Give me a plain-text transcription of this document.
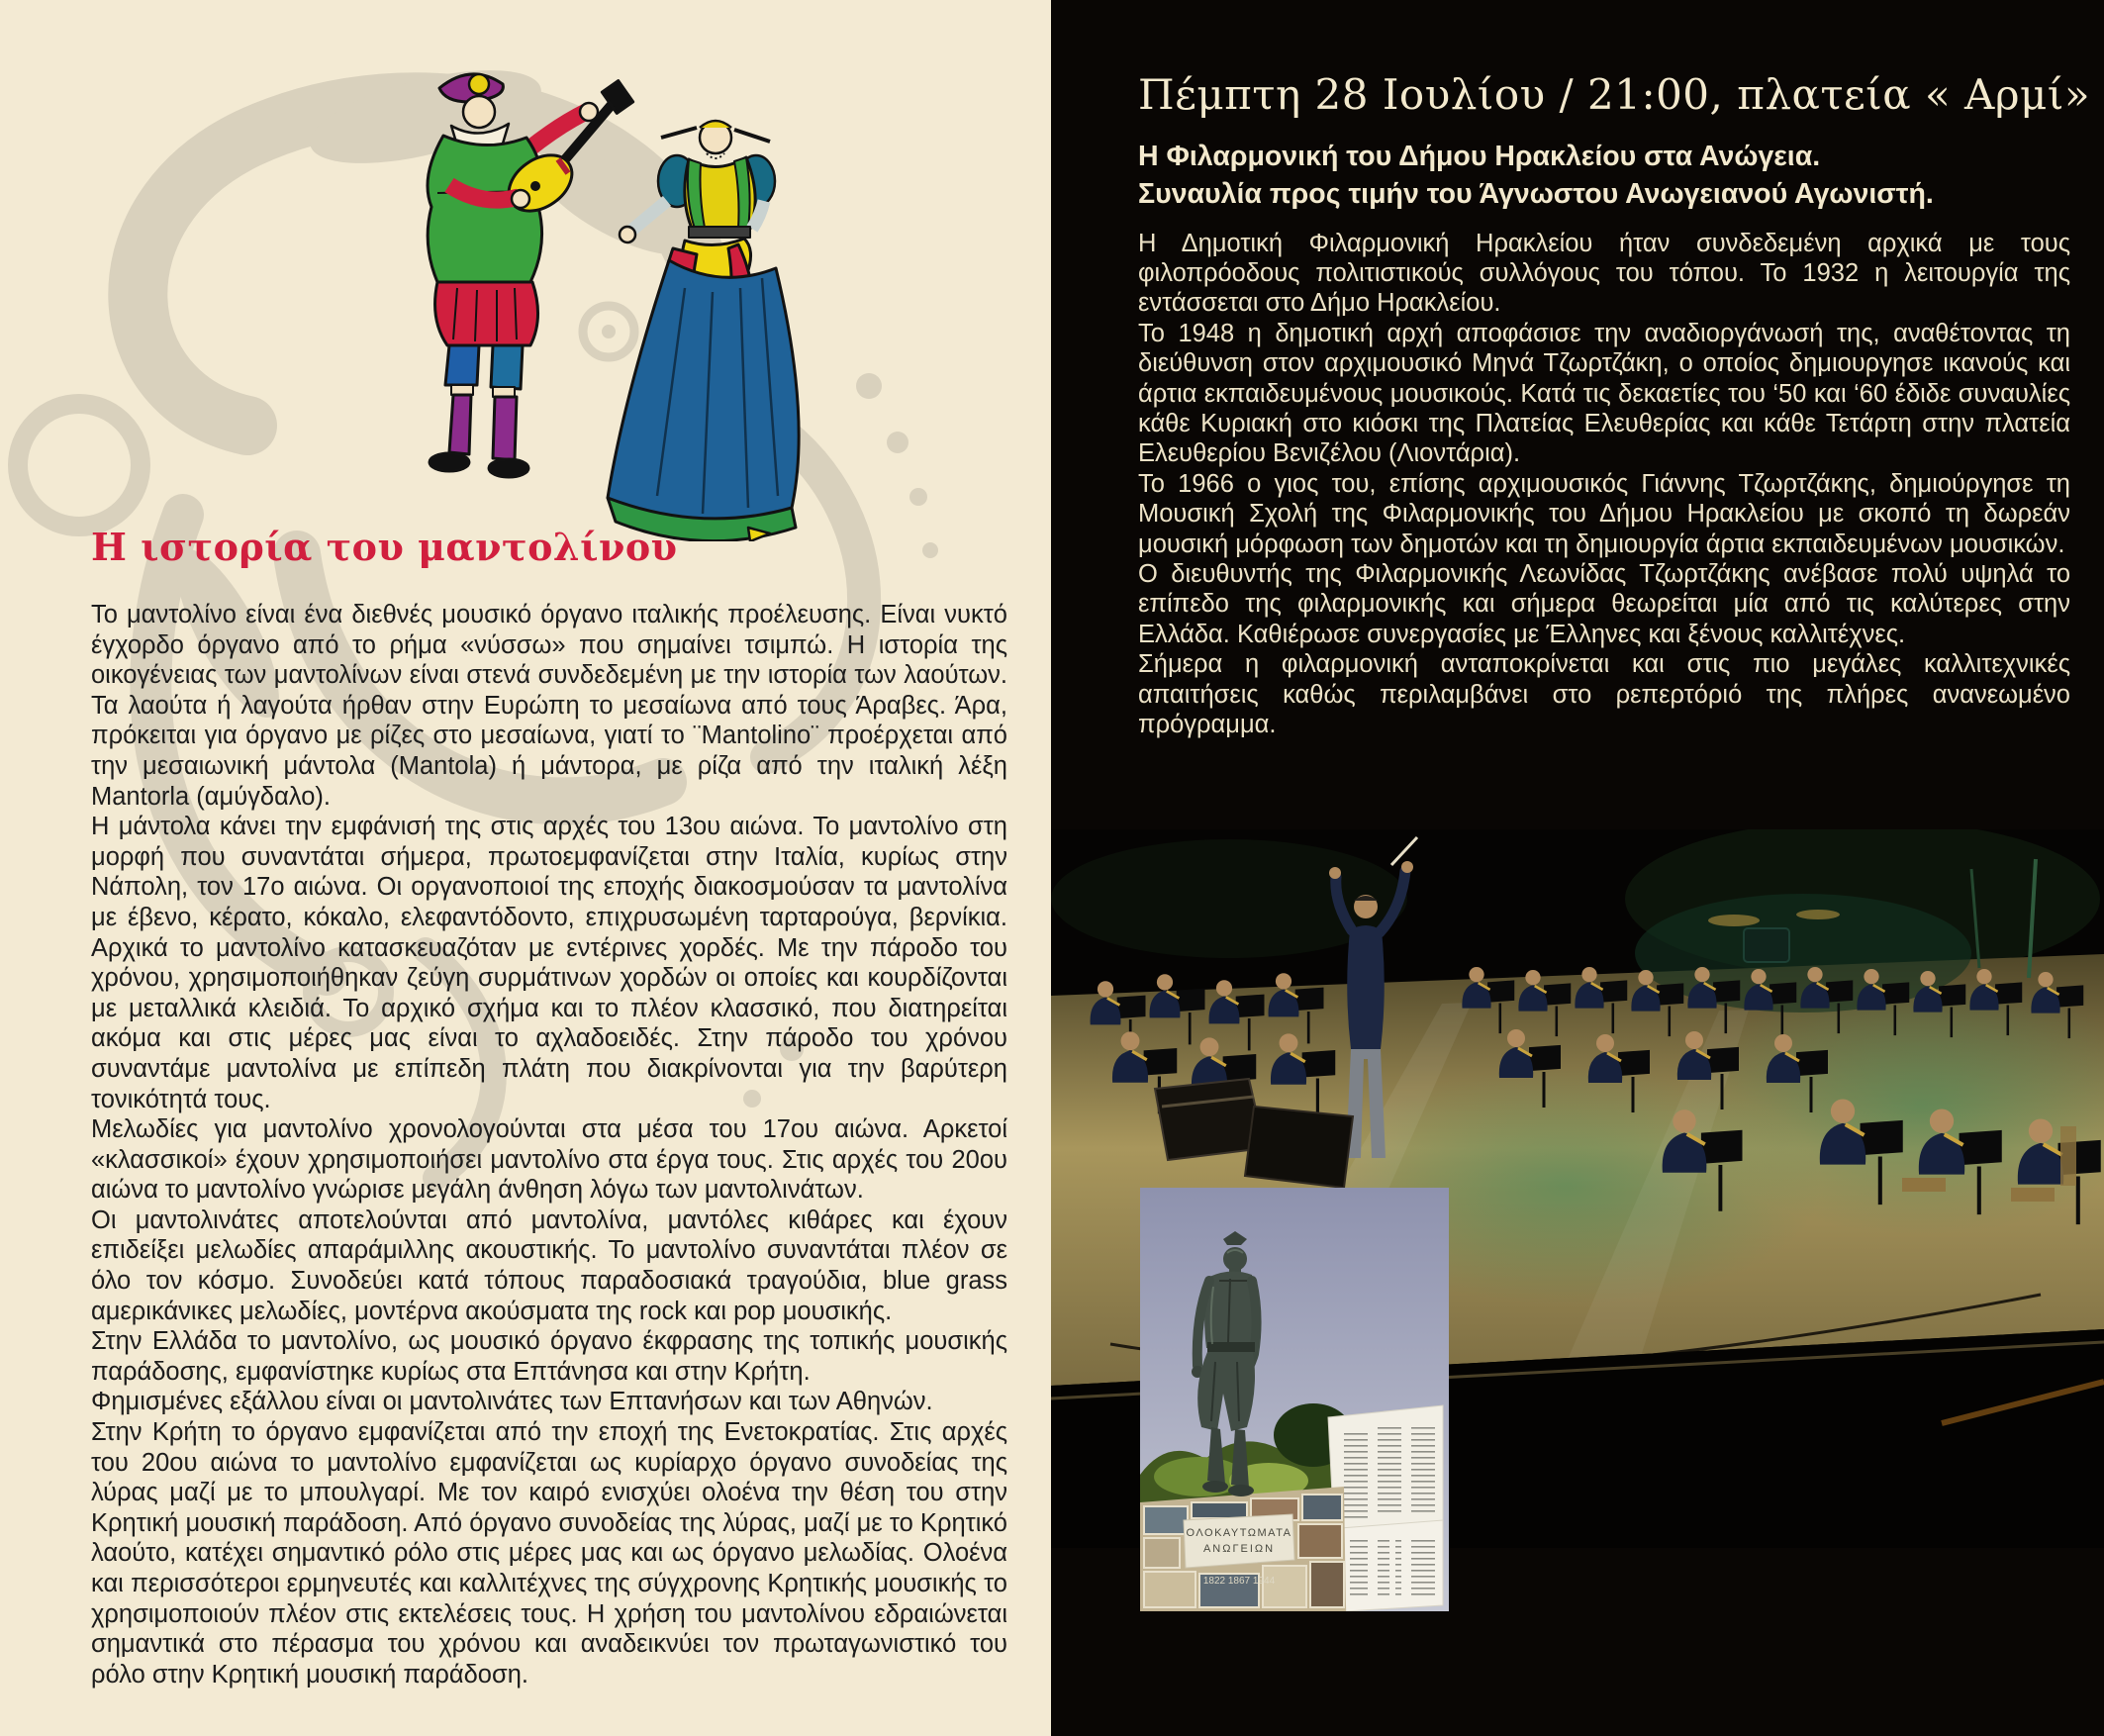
Η ιστορία του μαντολίνου

Το μαντολίνο είναι ένα διεθνές μουσικό όργανο ιταλικής προέλευσης. Είναι νυκτό έγχορδο όργανο από το ρήμα «νύσσω» που σημαίνει τσιμπώ. Η ιστορία της οικογένειας των μαντολίνων είναι στενά συνδεδεμένη με την ιστορία των λαούτων. Τα λαούτα ή λαγούτα ήρθαν στην Ευρώπη το μεσαίωνα από τους Άραβες. Άρα, πρόκειται για όργανο με ρίζες στο μεσαίωνα, γιατί το ¨Mantolino¨ προέρχεται από την μεσαιωνική μάντολα (Mantola) ή μάντορα, με ρίζα από την ιταλική λέξη Mantorla (αμύγδαλο).

Η μάντολα κάνει την εμφάνισή της στις αρχές του 13ου αιώνα. Το μαντολίνο στη μορφή που συναντάται σήμερα, πρωτοεμφανίζεται στην Ιταλία, κυρίως στην Νάπολη, τον 17ο αιώνα. Οι οργανοποιοί της εποχής διακοσμούσαν τα μαντολίνα με έβενο, κέρατο, κόκαλο, ελεφαντόδοντο, επιχρυσωμένη ταρταρούγα, βερνίκια. Αρχικά το μαντολίνο κατασκευαζόταν με εντέρινες χορδές. Με την πάροδο του χρόνου, χρησιμοποιήθηκαν ζεύγη συρμάτινων χορδών οι οποίες και κουρδίζονται με μεταλλικά κλειδιά. Το αρχικό σχήμα και το πλέον κλασσικό, που διατηρείται ακόμα και στις μέρες μας είναι το αχλαδοειδές. Στην πάροδο του χρόνου συναντάμε μαντολίνα με επίπεδη πλάτη που διακρίνονται για την βαρύτερη τονικότητά τους.

Μελωδίες για μαντολίνο χρονολογούνται στα μέσα του 17ου αιώνα. Αρκετοί «κλασσικοί» έχουν χρησιμοποιήσει μαντολίνο στα έργα τους. Στις αρχές του 20ου αιώνα το μαντολίνο γνώρισε μεγάλη άνθηση λόγω των μαντολινάτων.

Οι μαντολινάτες αποτελούνται από μαντολίνα, μαντόλες κιθάρες και έχουν επιδείξει μελωδίες απαράμιλλης ακουστικής. Το μαντολίνο συναντάται πλέον σε όλο τον κόσμο. Συνοδεύει κατά τόπους παραδοσιακά τραγούδια, blue grass αμερικάνικες μελωδίες, μοντέρνα ακούσματα της rock και pop μουσικής.

Στην Ελλάδα το μαντολίνο, ως μουσικό όργανο έκφρασης της τοπικής μουσικής παράδοσης, εμφανίστηκε κυρίως στα Επτάνησα και στην Κρήτη.

Φημισμένες εξάλλου είναι οι μαντολινάτες των Επτανήσων και των Αθηνών.

Στην Κρήτη το όργανο εμφανίζεται από την εποχή της Ενετοκρατίας. Στις αρχές του 20ου αιώνα το μαντολίνο εμφανίζεται ως κυρίαρχο όργανο συνοδείας της λύρας μαζί με το μπουλγαρί. Με τον καιρό ενισχύει ολοένα την θέση του στην Κρητική μουσική παράδοση. Από όργανο συνοδείας της λύρας, μαζί με το Κρητικό λαούτο, κατέχει σημαντικό ρόλο στις μέρες μας και ως όργανο μελωδίας. Ολοένα και περισσότεροι ερμηνευτές και καλλιτέχνες της σύγχρονης Κρητικής μουσικής το χρησιμοποιούν πλέον στις εκτελέσεις τους. Η χρήση του μαντολίνου εδραιώνεται σημαντικά στο πέρασμα του χρόνου και αναδεικνύει τον πρωταγωνιστικό του ρόλο στην Κρητική μουσική παράδοση.

ΟΛΟΚΑΥΤΩΜΑΤΑ
ΑΝΩΓΕΙΩΝ
1822 1867 1944
Πέμπτη 28 Ιουλίου / 21:00, πλατεία « Αρμί»

Η Φιλαρμονική του Δήμου Ηρακλείου στα Ανώγεια.
Συναυλία προς τιμήν του Άγνωστου Ανωγειανού Αγωνιστή.

Η Δημοτική Φιλαρμονική Ηρακλείου ήταν συνδεδεμένη αρχικά με τους φιλοπρόοδους πολιτιστικούς συλλόγους του τόπου. Το 1932 η λειτουργία της εντάσσεται στο Δήμο Ηρακλείου.

Το 1948 η δημοτική αρχή αποφάσισε την αναδιοργάνωσή της, αναθέτοντας τη διεύθυνση στον αρχιμουσικό Μηνά Τζωρτζάκη, ο οποίος δημιουργησε ικανούς και άρτια εκπαιδευμένους μουσικούς. Κατά τις δεκαετίες του ‘50 και ‘60 έδιδε συναυλίες κάθε Κυριακή στο κιόσκι της Πλατείας Ελευθερίας και κάθε Τετάρτη στην πλατεία Ελευθερίου Βενιζέλου (Λιοντάρια).

Το 1966 ο γιος του, επίσης αρχιμουσικός Γιάννης Τζωρτζάκης, δημιούργησε τη Μουσική Σχολή της Φιλαρμονικής του Δήμου Ηρακλείου με σκοπό τη δωρεάν μουσική μόρφωση των δημοτών και τη δημιουργία άρτια εκπαιδευμένων μουσικών.

Ο διευθυντής της Φιλαρμονικής Λεωνίδας Τζωρτζάκης ανέβασε πολύ υψηλά το επίπεδο της φιλαρμονικής και σήμερα θεωρείται μία από τις καλύτερες στην Ελλάδα. Καθιέρωσε συνεργασίες με Έλληνες και ξένους καλλιτέχνες.

Σήμερα η φιλαρμονική ανταποκρίνεται και στις πιο μεγάλες καλλιτεχνικές απαιτήσεις καθώς περιλαμβάνει στο ρεπερτόριό της πλήρες ανανεωμένο πρόγραμμα.
